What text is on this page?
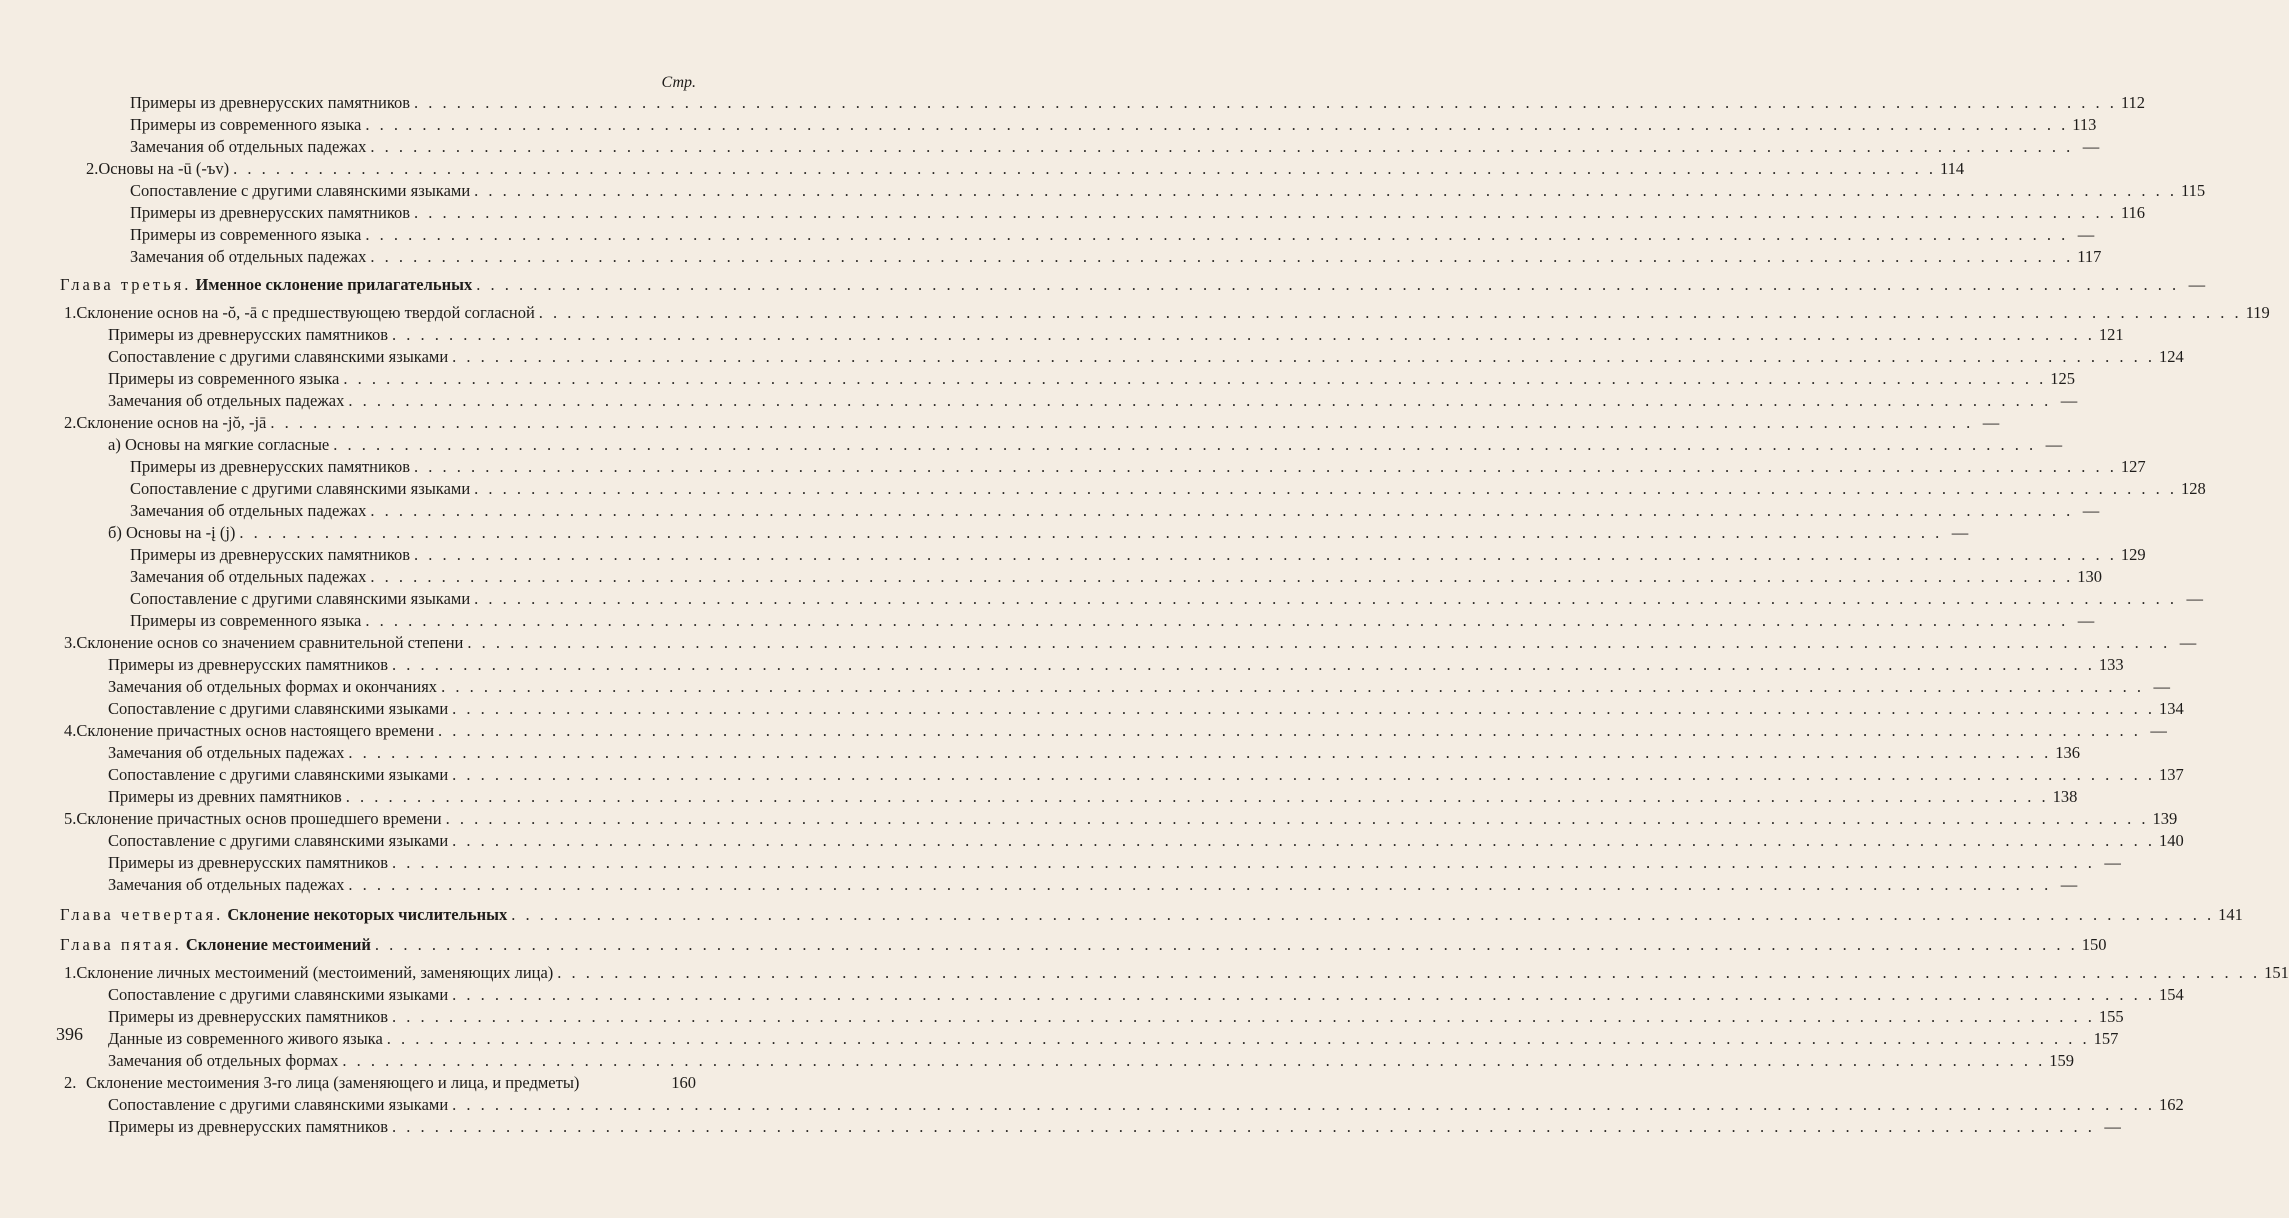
Стр.
Примеры из древнерусских памятников . . . . . . . . . . . . . . . . . . . . . . . . . . . . . . . . . . . . . . . . . . . . . . . . . . . . . . . . . . . . . . . . . . . . . . . . . . . . . . . . . . . . . . . . . . . . . . . . . . . . . . . . . . . . . . . . . . . . . . . . 112
Примеры из современного языка . . . . . . . . . . . . . . . . . . . . . . . . . . . . . . . . . . . . . . . . . . . . . . . . . . . . . . . . . . . . . . . . . . . . . . . . . . . . . . . . . . . . . . . . . . . . . . . . . . . . . . . . . . . . . . . . . . . . . . . . 113
Замечания об отдельных падежах . . . . . . . . . . . . . . . . . . . . . . . . . . . . . . . . . . . . . . . . . . . . . . . . . . . . . . . . . . . . . . . . . . . . . . . . . . . . . . . . . . . . . . . . . . . . . . . . . . . . . . . . . . . . . . . . . . . . . . . . —
2. Основы на -ū (-ъv) . . . . . . . . . . . . . . . . . . . . . . . . . . . . . . . . . . . . . . . . . . . . . . . . . . . . . . . . . . . . . . . . . . . . . . . . . . . . . . . . . . . . . . . . . . . . . . . . . . . . . . . . . . . . . . . . . . . . . . . . 114
Сопоставление с другими славянскими языками . . . . . . . . . . . . . . . . . . . . . . . . . . . . . . . . . . . . . . . . . . . . . . . . . . . . . . . . . . . . . . . . . . . . . . . . . . . . . . . . . . . . . . . . . . . . . . . . . . . . . . . . . . . . . . . . . . . . . . . . 115
Примеры из древнерусских памятников . . . . . . . . . . . . . . . . . . . . . . . . . . . . . . . . . . . . . . . . . . . . . . . . . . . . . . . . . . . . . . . . . . . . . . . . . . . . . . . . . . . . . . . . . . . . . . . . . . . . . . . . . . . . . . . . . . . . . . . . 116
Примеры из современного языка . . . . . . . . . . . . . . . . . . . . . . . . . . . . . . . . . . . . . . . . . . . . . . . . . . . . . . . . . . . . . . . . . . . . . . . . . . . . . . . . . . . . . . . . . . . . . . . . . . . . . . . . . . . . . . . . . . . . . . . . —
Замечания об отдельных падежах . . . . . . . . . . . . . . . . . . . . . . . . . . . . . . . . . . . . . . . . . . . . . . . . . . . . . . . . . . . . . . . . . . . . . . . . . . . . . . . . . . . . . . . . . . . . . . . . . . . . . . . . . . . . . . . . . . . . . . . . 117
Глава третья. Именное склонение прилагательных . . . . . . . . . . . . . . . . . . . . . . . . . . . . . . . . . . . . . . . . . . . . . . . . . . . . . . . . . . . . . . . . . . . . . . . . . . . . . . . . . . . . . . . . . . . . . . . . . . . . . . . . . . . . . . . . . . . . . . . . —
1. Склонение основ на -ŏ, -ā с предшествующею твердой согласной . . . . . . . . . . . . . . . . . . . . . . . . . . . . . . . . . . . . . . . . . . . . . . . . . . . . . . . . . . . . . . . . . . . . . . . . . . . . . . . . . . . . . . . . . . . . . . . . . . . . . . . . . . . . . . . . . . . . . . . . 119
Примеры из древнерусских памятников . . . . . . . . . . . . . . . . . . . . . . . . . . . . . . . . . . . . . . . . . . . . . . . . . . . . . . . . . . . . . . . . . . . . . . . . . . . . . . . . . . . . . . . . . . . . . . . . . . . . . . . . . . . . . . . . . . . . . . . . 121
Сопоставление с другими славянскими языками . . . . . . . . . . . . . . . . . . . . . . . . . . . . . . . . . . . . . . . . . . . . . . . . . . . . . . . . . . . . . . . . . . . . . . . . . . . . . . . . . . . . . . . . . . . . . . . . . . . . . . . . . . . . . . . . . . . . . . . . 124
Примеры из современного языка . . . . . . . . . . . . . . . . . . . . . . . . . . . . . . . . . . . . . . . . . . . . . . . . . . . . . . . . . . . . . . . . . . . . . . . . . . . . . . . . . . . . . . . . . . . . . . . . . . . . . . . . . . . . . . . . . . . . . . . . 125
Замечания об отдельных падежах . . . . . . . . . . . . . . . . . . . . . . . . . . . . . . . . . . . . . . . . . . . . . . . . . . . . . . . . . . . . . . . . . . . . . . . . . . . . . . . . . . . . . . . . . . . . . . . . . . . . . . . . . . . . . . . . . . . . . . . . —
2. Склонение основ на -jŏ, -jā . . . . . . . . . . . . . . . . . . . . . . . . . . . . . . . . . . . . . . . . . . . . . . . . . . . . . . . . . . . . . . . . . . . . . . . . . . . . . . . . . . . . . . . . . . . . . . . . . . . . . . . . . . . . . . . . . . . . . . . . —
а) Основы на мягкие согласные . . . . . . . . . . . . . . . . . . . . . . . . . . . . . . . . . . . . . . . . . . . . . . . . . . . . . . . . . . . . . . . . . . . . . . . . . . . . . . . . . . . . . . . . . . . . . . . . . . . . . . . . . . . . . . . . . . . . . . . . —
Примеры из древнерусских памятников . . . . . . . . . . . . . . . . . . . . . . . . . . . . . . . . . . . . . . . . . . . . . . . . . . . . . . . . . . . . . . . . . . . . . . . . . . . . . . . . . . . . . . . . . . . . . . . . . . . . . . . . . . . . . . . . . . . . . . . . 127
Сопоставление с другими славянскими языками . . . . . . . . . . . . . . . . . . . . . . . . . . . . . . . . . . . . . . . . . . . . . . . . . . . . . . . . . . . . . . . . . . . . . . . . . . . . . . . . . . . . . . . . . . . . . . . . . . . . . . . . . . . . . . . . . . . . . . . . 128
Замечания об отдельных падежах . . . . . . . . . . . . . . . . . . . . . . . . . . . . . . . . . . . . . . . . . . . . . . . . . . . . . . . . . . . . . . . . . . . . . . . . . . . . . . . . . . . . . . . . . . . . . . . . . . . . . . . . . . . . . . . . . . . . . . . . —
б) Основы на -į (j) . . . . . . . . . . . . . . . . . . . . . . . . . . . . . . . . . . . . . . . . . . . . . . . . . . . . . . . . . . . . . . . . . . . . . . . . . . . . . . . . . . . . . . . . . . . . . . . . . . . . . . . . . . . . . . . . . . . . . . . . —
Примеры из древнерусских памятников . . . . . . . . . . . . . . . . . . . . . . . . . . . . . . . . . . . . . . . . . . . . . . . . . . . . . . . . . . . . . . . . . . . . . . . . . . . . . . . . . . . . . . . . . . . . . . . . . . . . . . . . . . . . . . . . . . . . . . . . 129
Замечания об отдельных падежах . . . . . . . . . . . . . . . . . . . . . . . . . . . . . . . . . . . . . . . . . . . . . . . . . . . . . . . . . . . . . . . . . . . . . . . . . . . . . . . . . . . . . . . . . . . . . . . . . . . . . . . . . . . . . . . . . . . . . . . . 130
Сопоставление с другими славянскими языками . . . . . . . . . . . . . . . . . . . . . . . . . . . . . . . . . . . . . . . . . . . . . . . . . . . . . . . . . . . . . . . . . . . . . . . . . . . . . . . . . . . . . . . . . . . . . . . . . . . . . . . . . . . . . . . . . . . . . . . . —
Примеры из современного языка . . . . . . . . . . . . . . . . . . . . . . . . . . . . . . . . . . . . . . . . . . . . . . . . . . . . . . . . . . . . . . . . . . . . . . . . . . . . . . . . . . . . . . . . . . . . . . . . . . . . . . . . . . . . . . . . . . . . . . . . —
3. Склонение основ со значением сравнительной степени . . . . . . . . . . . . . . . . . . . . . . . . . . . . . . . . . . . . . . . . . . . . . . . . . . . . . . . . . . . . . . . . . . . . . . . . . . . . . . . . . . . . . . . . . . . . . . . . . . . . . . . . . . . . . . . . . . . . . . . . —
Примеры из древнерусских памятников . . . . . . . . . . . . . . . . . . . . . . . . . . . . . . . . . . . . . . . . . . . . . . . . . . . . . . . . . . . . . . . . . . . . . . . . . . . . . . . . . . . . . . . . . . . . . . . . . . . . . . . . . . . . . . . . . . . . . . . . 133
Замечания об отдельных формах и окончаниях . . . . . . . . . . . . . . . . . . . . . . . . . . . . . . . . . . . . . . . . . . . . . . . . . . . . . . . . . . . . . . . . . . . . . . . . . . . . . . . . . . . . . . . . . . . . . . . . . . . . . . . . . . . . . . . . . . . . . . . . —
Сопоставление с другими славянскими языками . . . . . . . . . . . . . . . . . . . . . . . . . . . . . . . . . . . . . . . . . . . . . . . . . . . . . . . . . . . . . . . . . . . . . . . . . . . . . . . . . . . . . . . . . . . . . . . . . . . . . . . . . . . . . . . . . . . . . . . . 134
4. Склонение причастных основ настоящего времени . . . . . . . . . . . . . . . . . . . . . . . . . . . . . . . . . . . . . . . . . . . . . . . . . . . . . . . . . . . . . . . . . . . . . . . . . . . . . . . . . . . . . . . . . . . . . . . . . . . . . . . . . . . . . . . . . . . . . . . . —
Замечания об отдельных падежах . . . . . . . . . . . . . . . . . . . . . . . . . . . . . . . . . . . . . . . . . . . . . . . . . . . . . . . . . . . . . . . . . . . . . . . . . . . . . . . . . . . . . . . . . . . . . . . . . . . . . . . . . . . . . . . . . . . . . . . . 136
Сопоставление с другими славянскими языками . . . . . . . . . . . . . . . . . . . . . . . . . . . . . . . . . . . . . . . . . . . . . . . . . . . . . . . . . . . . . . . . . . . . . . . . . . . . . . . . . . . . . . . . . . . . . . . . . . . . . . . . . . . . . . . . . . . . . . . . 137
Примеры из древних памятников . . . . . . . . . . . . . . . . . . . . . . . . . . . . . . . . . . . . . . . . . . . . . . . . . . . . . . . . . . . . . . . . . . . . . . . . . . . . . . . . . . . . . . . . . . . . . . . . . . . . . . . . . . . . . . . . . . . . . . . . 138
5. Склонение причастных основ прошедшего времени . . . . . . . . . . . . . . . . . . . . . . . . . . . . . . . . . . . . . . . . . . . . . . . . . . . . . . . . . . . . . . . . . . . . . . . . . . . . . . . . . . . . . . . . . . . . . . . . . . . . . . . . . . . . . . . . . . . . . . . . 139
Сопоставление с другими славянскими языками . . . . . . . . . . . . . . . . . . . . . . . . . . . . . . . . . . . . . . . . . . . . . . . . . . . . . . . . . . . . . . . . . . . . . . . . . . . . . . . . . . . . . . . . . . . . . . . . . . . . . . . . . . . . . . . . . . . . . . . . 140
Примеры из древнерусских памятников . . . . . . . . . . . . . . . . . . . . . . . . . . . . . . . . . . . . . . . . . . . . . . . . . . . . . . . . . . . . . . . . . . . . . . . . . . . . . . . . . . . . . . . . . . . . . . . . . . . . . . . . . . . . . . . . . . . . . . . . —
Замечания об отдельных падежах . . . . . . . . . . . . . . . . . . . . . . . . . . . . . . . . . . . . . . . . . . . . . . . . . . . . . . . . . . . . . . . . . . . . . . . . . . . . . . . . . . . . . . . . . . . . . . . . . . . . . . . . . . . . . . . . . . . . . . . . —
Глава четвертая. Склонение некоторых числительных . . . . . . . . . . . . . . . . . . . . . . . . . . . . . . . . . . . . . . . . . . . . . . . . . . . . . . . . . . . . . . . . . . . . . . . . . . . . . . . . . . . . . . . . . . . . . . . . . . . . . . . . . . . . . . . . . . . . . . . . 141
Глава пятая. Склонение местоимений . . . . . . . . . . . . . . . . . . . . . . . . . . . . . . . . . . . . . . . . . . . . . . . . . . . . . . . . . . . . . . . . . . . . . . . . . . . . . . . . . . . . . . . . . . . . . . . . . . . . . . . . . . . . . . . . . . . . . . . . 150
1. Склонение личных местоимений (местоимений, заменяющих лица) . . . . . . . . . . . . . . . . . . . . . . . . . . . . . . . . . . . . . . . . . . . . . . . . . . . . . . . . . . . . . . . . . . . . . . . . . . . . . . . . . . . . . . . . . . . . . . . . . . . . . . . . . . . . . . . . . . . . . . . . 151
Сопоставление с другими славянскими языками . . . . . . . . . . . . . . . . . . . . . . . . . . . . . . . . . . . . . . . . . . . . . . . . . . . . . . . . . . . . . . . . . . . . . . . . . . . . . . . . . . . . . . . . . . . . . . . . . . . . . . . . . . . . . . . . . . . . . . . . 154
Примеры из древнерусских памятников . . . . . . . . . . . . . . . . . . . . . . . . . . . . . . . . . . . . . . . . . . . . . . . . . . . . . . . . . . . . . . . . . . . . . . . . . . . . . . . . . . . . . . . . . . . . . . . . . . . . . . . . . . . . . . . . . . . . . . . . 155
Данные из современного живого языка . . . . . . . . . . . . . . . . . . . . . . . . . . . . . . . . . . . . . . . . . . . . . . . . . . . . . . . . . . . . . . . . . . . . . . . . . . . . . . . . . . . . . . . . . . . . . . . . . . . . . . . . . . . . . . . . . . . . . . . . 157
Замечания об отдельных формах . . . . . . . . . . . . . . . . . . . . . . . . . . . . . . . . . . . . . . . . . . . . . . . . . . . . . . . . . . . . . . . . . . . . . . . . . . . . . . . . . . . . . . . . . . . . . . . . . . . . . . . . . . . . . . . . . . . . . . . . 159
2. Склонение местоимения 3-го лица (заменяющего и лица, и предметы)	160
Сопоставление с другими славянскими языками . . . . . . . . . . . . . . . . . . . . . . . . . . . . . . . . . . . . . . . . . . . . . . . . . . . . . . . . . . . . . . . . . . . . . . . . . . . . . . . . . . . . . . . . . . . . . . . . . . . . . . . . . . . . . . . . . . . . . . . . 162
Примеры из древнерусских памятников . . . . . . . . . . . . . . . . . . . . . . . . . . . . . . . . . . . . . . . . . . . . . . . . . . . . . . . . . . . . . . . . . . . . . . . . . . . . . . . . . . . . . . . . . . . . . . . . . . . . . . . . . . . . . . . . . . . . . . . . —
396
